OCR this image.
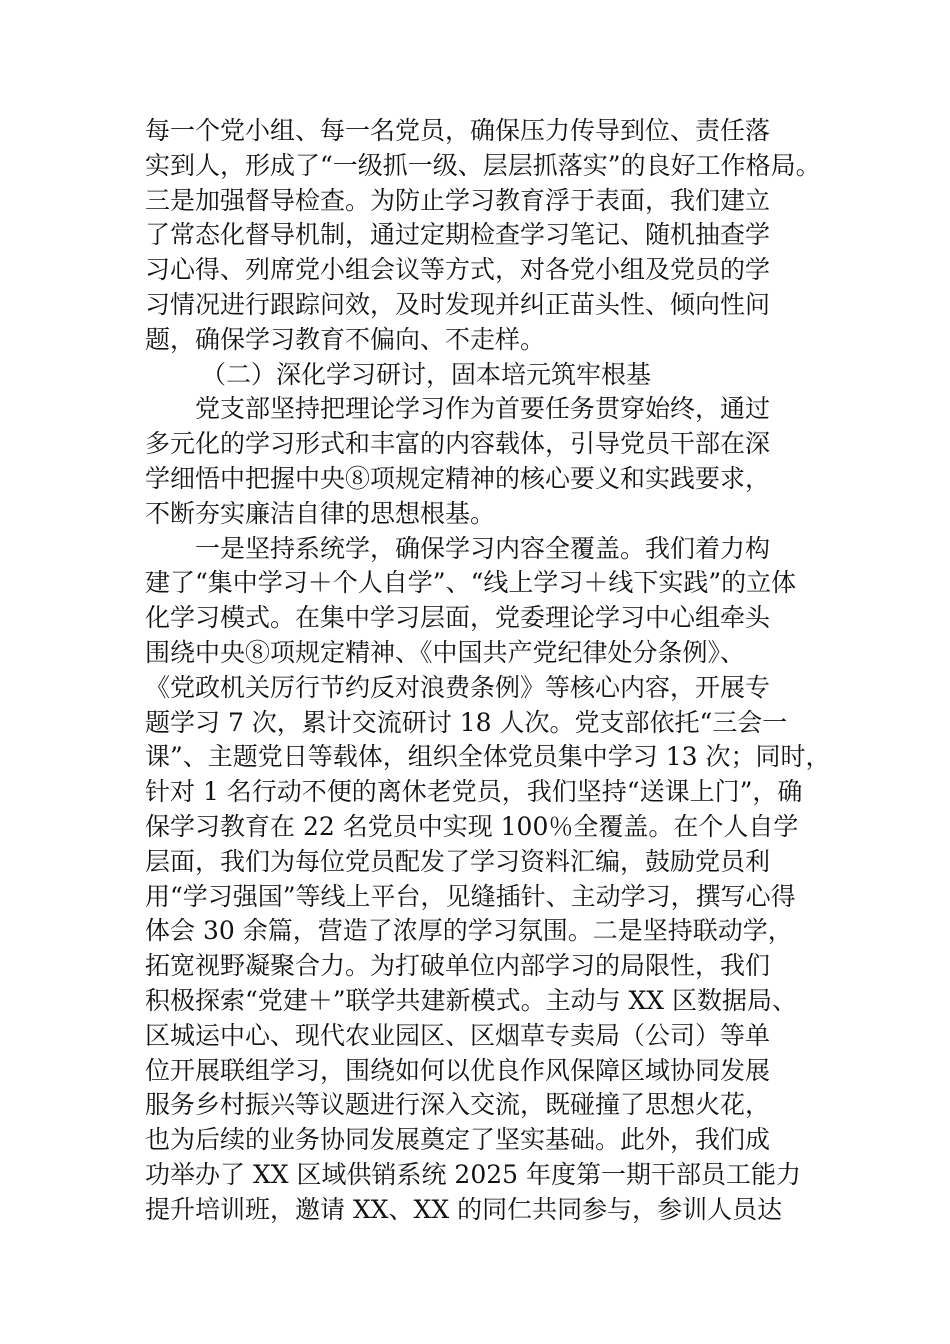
每一个党小组、每一名党员，确保压力传导到位、责任落
实到人，形成了“一级抓一级、层层抓落实”的良好工作格局。
三是加强督导检查。为防止学习教育浮于表面，我们建立
了常态化督导机制，通过定期检查学习笔记、随机抽查学
习心得、列席党小组会议等方式，对各党小组及党员的学
习情况进行跟踪问效，及时发现并纠正苗头性、倾向性问
题，确保学习教育不偏向、不走样。
（二）深化学习研讨，固本培元筑牢根基
党支部坚持把理论学习作为首要任务贯穿始终，通过
多元化的学习形式和丰富的内容载体，引导党员干部在深
学细悟中把握中央⑧项规定精神的核心要义和实践要求，
不断夯实廉洁自律的思想根基。
一是坚持系统学，确保学习内容全覆盖。我们着力构
建了“集中学习＋个人自学”、“线上学习＋线下实践”的立体
化学习模式。在集中学习层面，党委理论学习中心组牵头
围绕中央⑧项规定精神、《中国共产党纪律处分条例》、
《党政机关厉行节约反对浪费条例》等核心内容，开展专
题学习 7 次，累计交流研讨 18 人次。党支部依托“三会一
课”、主题党日等载体，组织全体党员集中学习 13 次；同时，
针对 1 名行动不便的离休老党员，我们坚持“送课上门”，确
保学习教育在 22 名党员中实现 100％全覆盖。在个人自学
层面，我们为每位党员配发了学习资料汇编，鼓励党员利
用“学习强国”等线上平台，见缝插针、主动学习，撰写心得
体会 30 余篇，营造了浓厚的学习氛围。二是坚持联动学，
拓宽视野凝聚合力。为打破单位内部学习的局限性，我们
积极探索“党建＋”联学共建新模式。主动与 XX 区数据局、
区城运中心、现代农业园区、区烟草专卖局（公司）等单
位开展联组学习，围绕如何以优良作风保障区域协同发展
服务乡村振兴等议题进行深入交流，既碰撞了思想火花，
也为后续的业务协同发展奠定了坚实基础。此外，我们成
功举办了 XX 区域供销系统 2025 年度第一期干部员工能力
提升培训班，邀请 XX、XX 的同仁共同参与，参训人员达
